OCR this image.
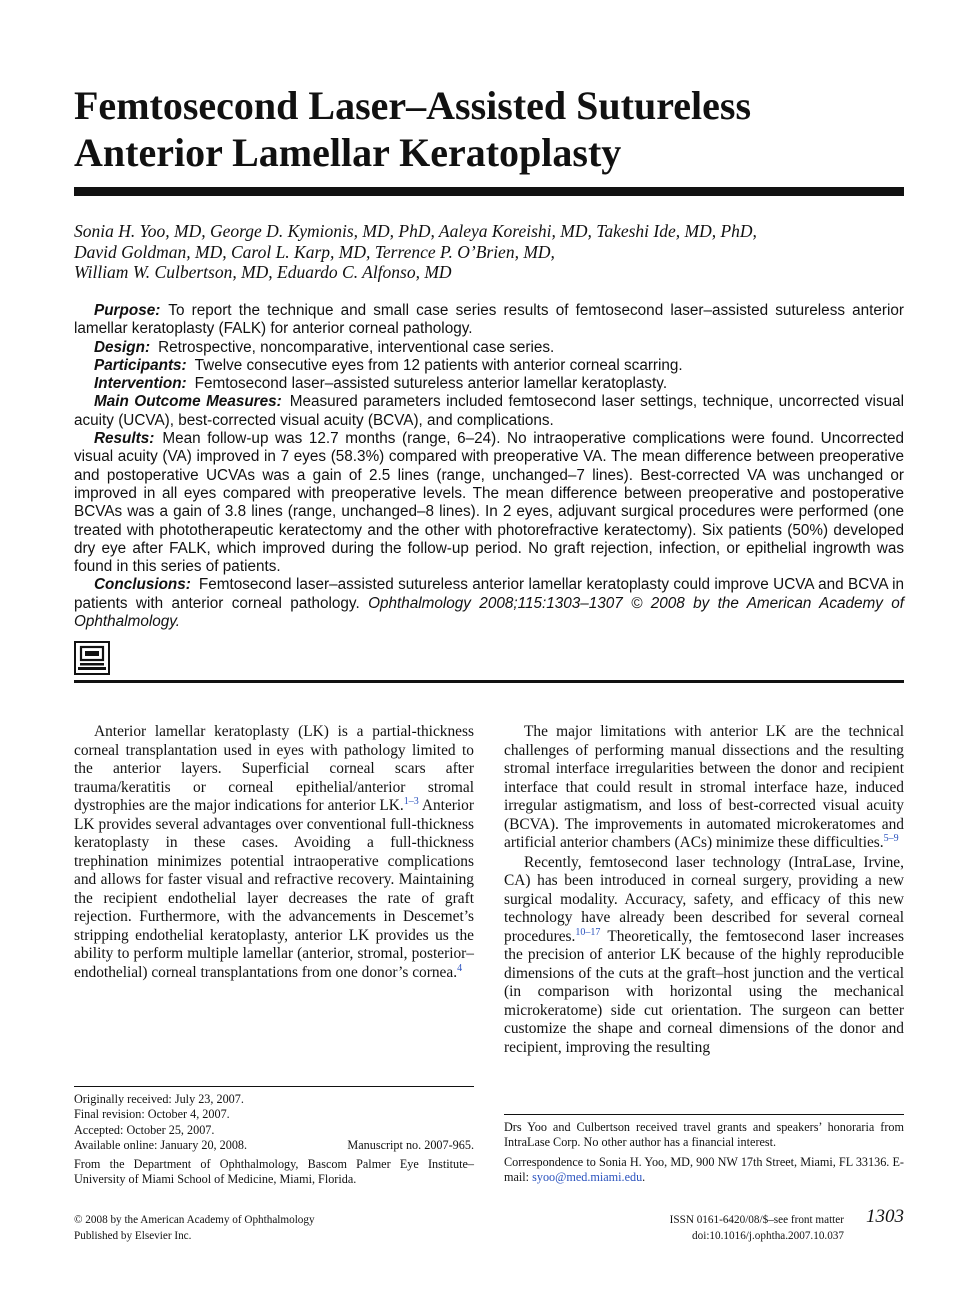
Femtosecond Laser–Assisted Sutureless
Anterior Lamellar Keratoplasty
Sonia H. Yoo, MD, George D. Kymionis, MD, PhD, Aaleya Koreishi, MD, Takeshi Ide, MD, PhD,
David Goldman, MD, Carol L. Karp, MD, Terrence P. O’Brien, MD,
William W. Culbertson, MD, Eduardo C. Alfonso, MD

Purpose: To report the technique and small case series results of femtosecond laser–assisted sutureless anterior lamellar keratoplasty (FALK) for anterior corneal pathology.

Design: Retrospective, noncomparative, interventional case series.

Participants: Twelve consecutive eyes from 12 patients with anterior corneal scarring.

Intervention: Femtosecond laser–assisted sutureless anterior lamellar keratoplasty.

Main Outcome Measures: Measured parameters included femtosecond laser settings, technique, uncorrected visual acuity (UCVA), best-corrected visual acuity (BCVA), and complications.

Results: Mean follow-up was 12.7 months (range, 6–24). No intraoperative complications were found. Uncorrected visual acuity (VA) improved in 7 eyes (58.3%) compared with preoperative VA. The mean difference between preoperative and postoperative UCVAs was a gain of 2.5 lines (range, unchanged–7 lines). Best-corrected VA was unchanged or improved in all eyes compared with preoperative levels. The mean difference between preoperative and postoperative BCVAs was a gain of 3.8 lines (range, unchanged–8 lines). In 2 eyes, adjuvant surgical procedures were performed (one treated with phototherapeutic keratectomy and the other with photorefractive keratectomy). Six patients (50%) developed dry eye after FALK, which improved during the follow-up period. No graft rejection, infection, or epithelial ingrowth was found in this series of patients.

Conclusions: Femtosecond laser–assisted sutureless anterior lamellar keratoplasty could improve UCVA and BCVA in patients with anterior corneal pathology. Ophthalmology 2008;115:1303–1307 © 2008 by the American Academy of Ophthalmology.

Anterior lamellar keratoplasty (LK) is a partial-thickness corneal transplantation used in eyes with pathology limited to the anterior layers. Superficial corneal scars after trauma/keratitis or corneal epithelial/anterior stromal dystrophies are the major indications for anterior LK.$^{1-3}$ Anterior LK provides several advantages over conventional full-thickness keratoplasty in these cases. Avoiding a full-thickness trephination minimizes potential intraoperative complications and allows for faster visual and refractive recovery. Maintaining the recipient endothelial layer decreases the rate of graft rejection. Furthermore, with the advancements in Descemet’s stripping endothelial keratoplasty, anterior LK provides us the ability to perform multiple lamellar (anterior, stromal, posterior–endothelial) corneal transplantations from one donor’s cornea.$^4$

The major limitations with anterior LK are the technical challenges of performing manual dissections and the resulting stromal interface irregularities between the donor and recipient interface that could result in stromal interface haze, induced irregular astigmatism, and loss of best-corrected visual acuity (BCVA). The improvements in automated microkeratomes and artificial anterior chambers (ACs) minimize these difficulties.$^{5-9}$

Recently, femtosecond laser technology (IntraLase, Irvine, CA) has been introduced in corneal surgery, providing a new surgical modality. Accuracy, safety, and efficacy of this new technology have already been described for several corneal procedures.$^{10-17}$ Theoretically, the femtosecond laser increases the precision of anterior LK because of the highly reproducible dimensions of the cuts at the graft–host junction and the vertical (in comparison with horizontal using the mechanical microkeratome) side cut orientation. The surgeon can better customize the shape and corneal dimensions of the donor and recipient, improving the resulting

Originally received: July 23, 2007.
Final revision: October 4, 2007.
Accepted: October 25, 2007.
Available online: January 20, 2008.	Manuscript no. 2007-965.
From the Department of Ophthalmology, Bascom Palmer Eye Institute–University of Miami School of Medicine, Miami, Florida.

Drs Yoo and Culbertson received travel grants and speakers’ honoraria from IntraLase Corp. No other author has a financial interest.

Correspondence to Sonia H. Yoo, MD, 900 NW 17th Street, Miami, FL 33136. E-mail: syoo@med.miami.edu.

© 2008 by the American Academy of Ophthalmology
Published by Elsevier Inc.
ISSN 0161-6420/08/$–see front matter
doi:10.1016/j.ophtha.2007.10.037
1303
